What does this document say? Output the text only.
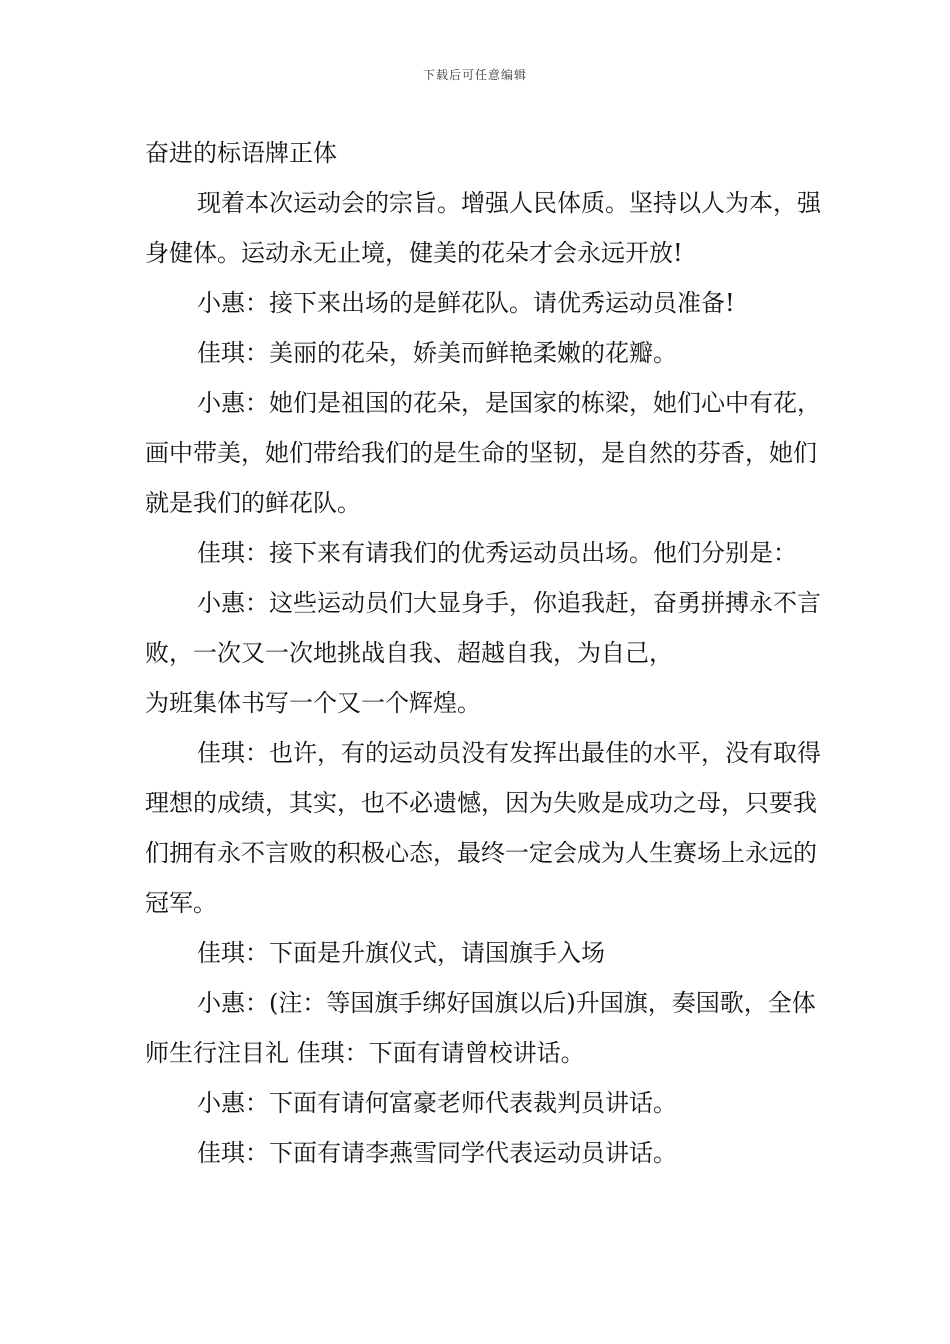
下载后可任意编辑

奋进的标语牌正体

现着本次运动会的宗旨。增强人民体质。坚持以人为本，强身健体。运动永无止境，健美的花朵才会永远开放!

小惠：接下来出场的是鲜花队。请优秀运动员准备!

佳琪：美丽的花朵，娇美而鲜艳柔嫩的花瓣。

小惠：她们是祖国的花朵，是国家的栋梁，她们心中有花，画中带美，她们带给我们的是生命的坚韧，是自然的芬香，她们就是我们的鲜花队。

佳琪：接下来有请我们的优秀运动员出场。他们分别是：

小惠：这些运动员们大显身手，你追我赶，奋勇拼搏永不言败，一次又一次地挑战自我、超越自我，为自己，

为班集体书写一个又一个辉煌。

佳琪：也许，有的运动员没有发挥出最佳的水平，没有取得理想的成绩，其实，也不必遗憾，因为失败是成功之母，只要我们拥有永不言败的积极心态，最终一定会成为人生赛场上永远的冠军。

佳琪：下面是升旗仪式，请国旗手入场

小惠：(注：等国旗手绑好国旗以后)升国旗，奏国歌，全体师生行注目礼 佳琪：下面有请曾校讲话。

小惠：下面有请何富豪老师代表裁判员讲话。

佳琪：下面有请李燕雪同学代表运动员讲话。
